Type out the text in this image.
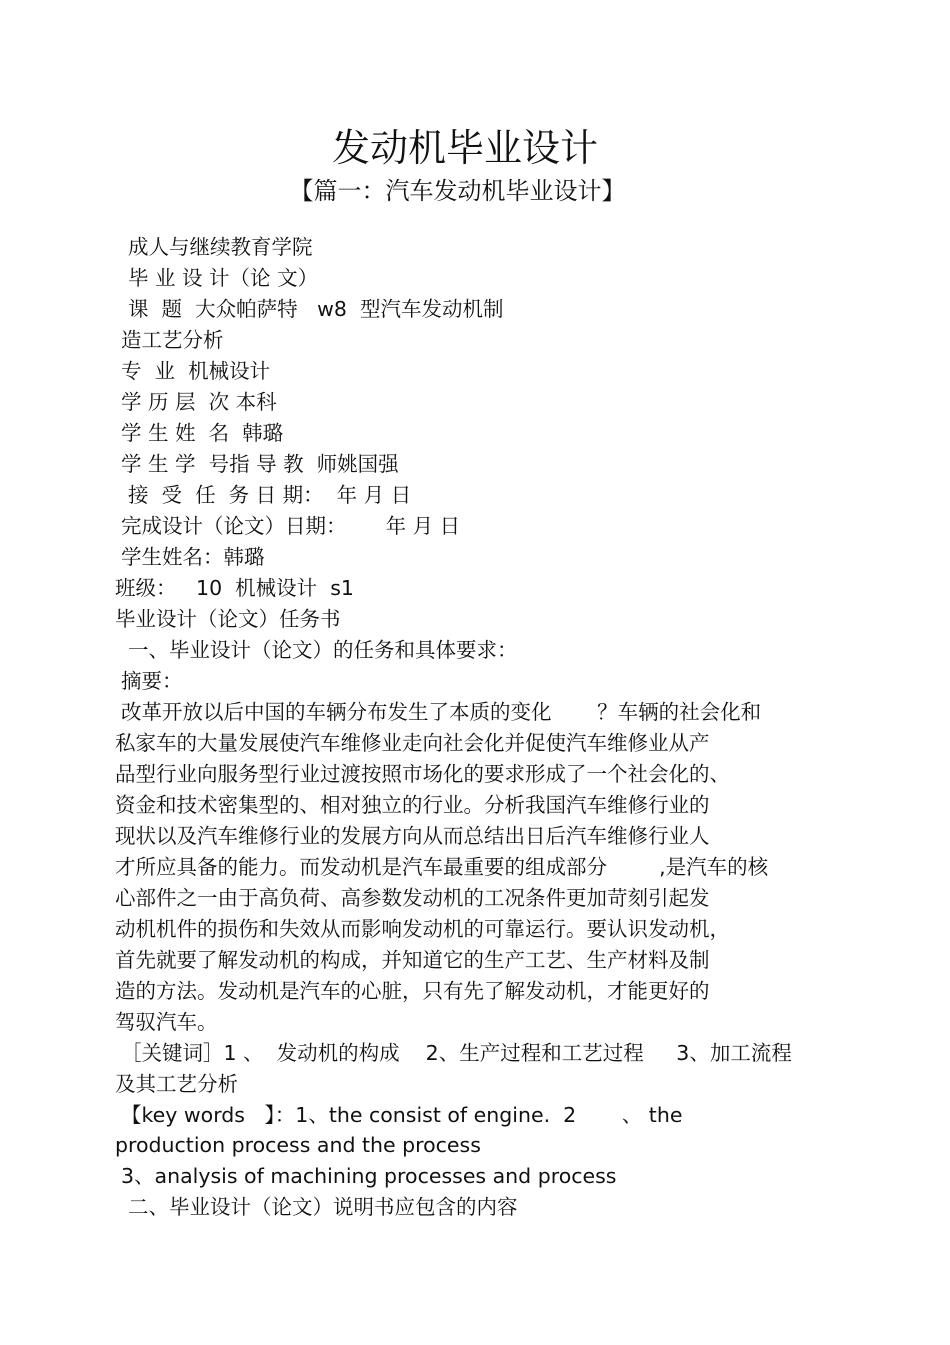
发动机毕业设计
【篇一：汽车发动机毕业设计】
成人与继续教育学院
毕 业 设 计（论 文）
课  题  大众帕萨特   w8  型汽车发动机制
造工艺分析
专  业  机械设计
学 历 层  次 本科
学 生 姓  名  韩璐
学 生 学  号指 导 教  师姚国强
接  受  任  务 日 期：  年 月 日
完成设计（论文）日期：      年 月 日
学生姓名：韩璐
班级：   10  机械设计  s1
毕业设计（论文）任务书
一、毕业设计（论文）的任务和具体要求：
摘要：
改革开放以后中国的车辆分布发生了本质的变化       ？车辆的社会化和
私家车的大量发展使汽车维修业走向社会化并促使汽车维修业从产
品型行业向服务型行业过渡按照市场化的要求形成了一个社会化的、
资金和技术密集型的、相对独立的行业。分析我国汽车维修行业的
现状以及汽车维修行业的发展方向从而总结出日后汽车维修行业人
才所应具备的能力。而发动机是汽车最重要的组成部分        ,是汽车的核
心部件之一由于高负荷、高参数发动机的工况条件更加苛刻引起发
动机机件的损伤和失效从而影响发动机的可靠运行。要认识发动机，
首先就要了解发动机的构成，并知道它的生产工艺、生产材料及制
造的方法。发动机是汽车的心脏，只有先了解发动机，才能更好的
驾驭汽车。
［关键词］1 、  发动机的构成    2、生产过程和工艺过程     3、加工流程
及其工艺分析
【key words   】：1、the consist of engine.  2       、 the
production process and the process
3、analysis of machining processes and process
二、毕业设计（论文）说明书应包含的内容
